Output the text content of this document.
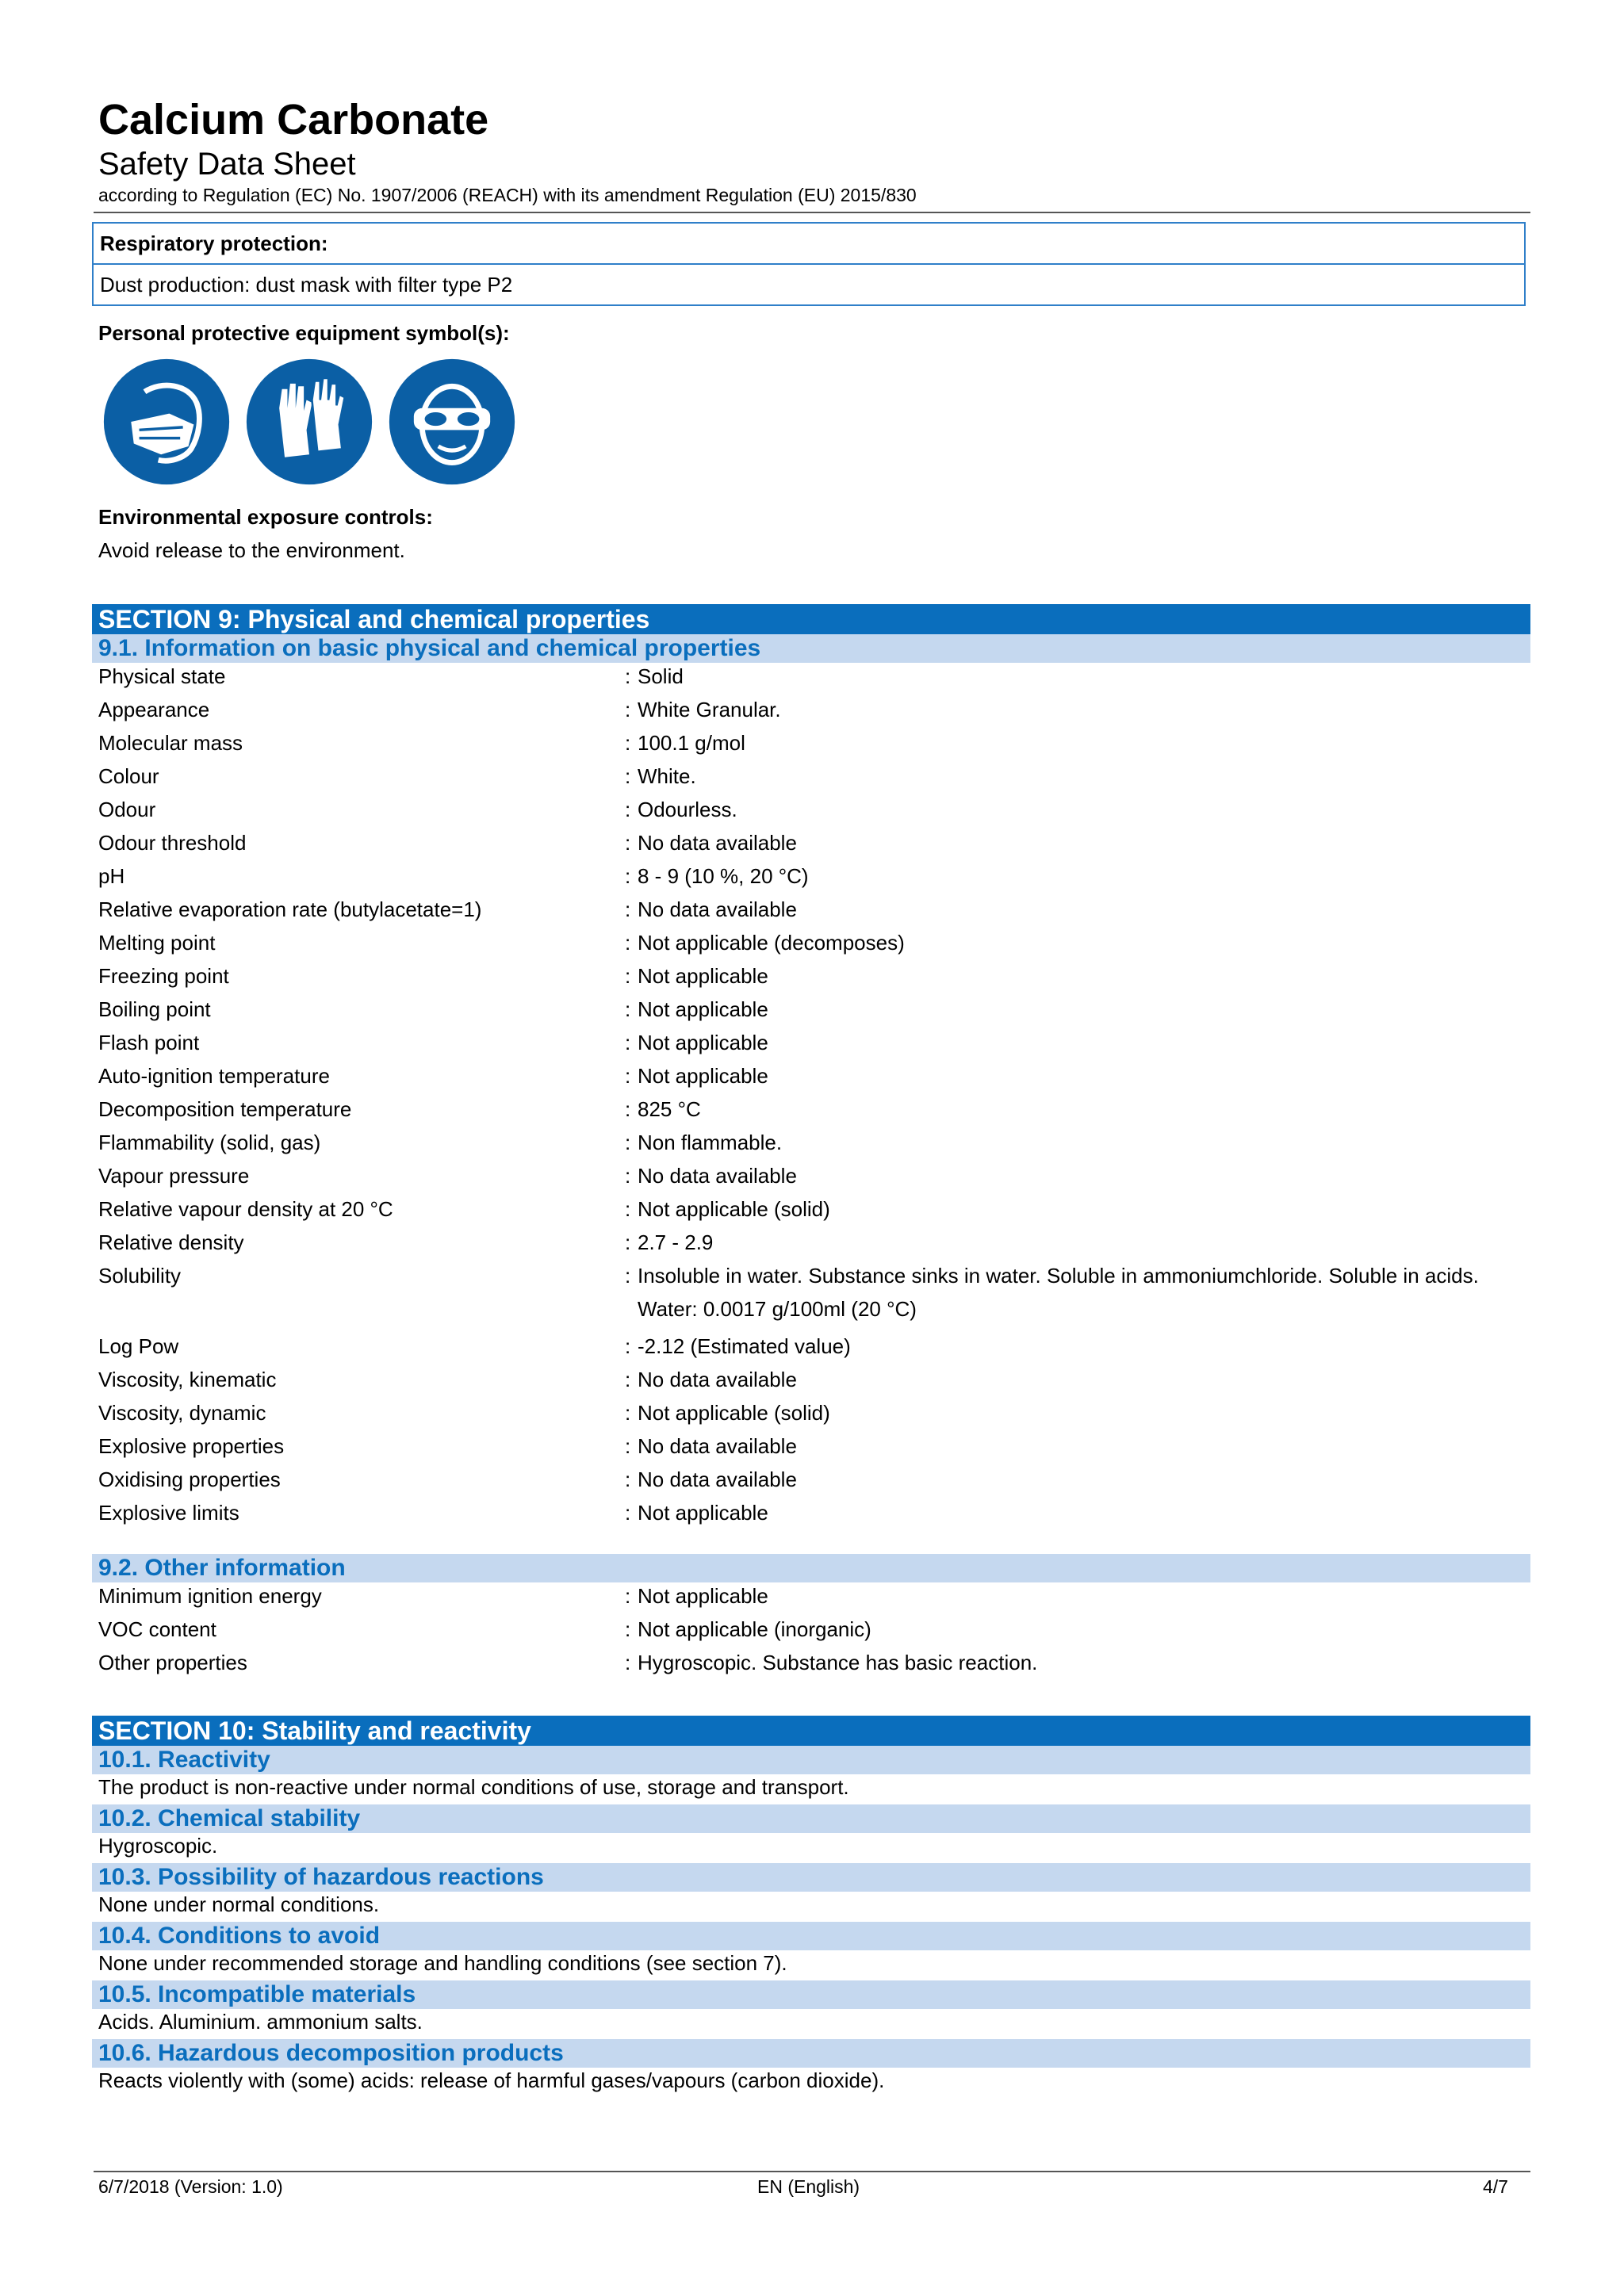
Calcium Carbonate
Safety Data Sheet
according to Regulation (EC) No. 1907/2006 (REACH) with its amendment Regulation (EU) 2015/830
Respiratory protection:
Dust production: dust mask with filter type P2
Personal protective equipment symbol(s):
Environmental exposure controls:
Avoid release to the environment.
SECTION 9: Physical and chemical properties
9.1. Information on basic physical and chemical properties
Physical state	: Solid
Appearance	: White Granular.
Molecular mass	: 100.1 g/mol
Colour	: White.
Odour	: Odourless.
Odour threshold	: No data available
pH	: 8 - 9 (10 %, 20 °C)
Relative evaporation rate (butylacetate=1)	: No data available
Melting point	: Not applicable (decomposes)
Freezing point	: Not applicable
Boiling point	: Not applicable
Flash point	: Not applicable
Auto-ignition temperature	: Not applicable
Decomposition temperature	: 825 °C
Flammability (solid, gas)	: Non flammable.
Vapour pressure	: No data available
Relative vapour density at 20 °C	: Not applicable (solid)
Relative density	: 2.7 - 2.9
Solubility	: Insoluble in water. Substance sinks in water. Soluble in ammoniumchloride. Soluble in acids.
Water: 0.0017 g/100ml (20 °C)
Log Pow	: -2.12 (Estimated value)
Viscosity, kinematic	: No data available
Viscosity, dynamic	: Not applicable (solid)
Explosive properties	: No data available
Oxidising properties	: No data available
Explosive limits	: Not applicable
9.2. Other information
Minimum ignition energy	: Not applicable
VOC content	: Not applicable (inorganic)
Other properties	: Hygroscopic. Substance has basic reaction.
SECTION 10: Stability and reactivity
10.1. Reactivity
The product is non-reactive under normal conditions of use, storage and transport.
10.2. Chemical stability
Hygroscopic.
10.3. Possibility of hazardous reactions
None under normal conditions.
10.4. Conditions to avoid
None under recommended storage and handling conditions (see section 7).
10.5. Incompatible materials
Acids. Aluminium. ammonium salts.
10.6. Hazardous decomposition products
Reacts violently with (some) acids: release of harmful gases/vapours (carbon dioxide).
6/7/2018 (Version: 1.0)	EN (English)	4/7
